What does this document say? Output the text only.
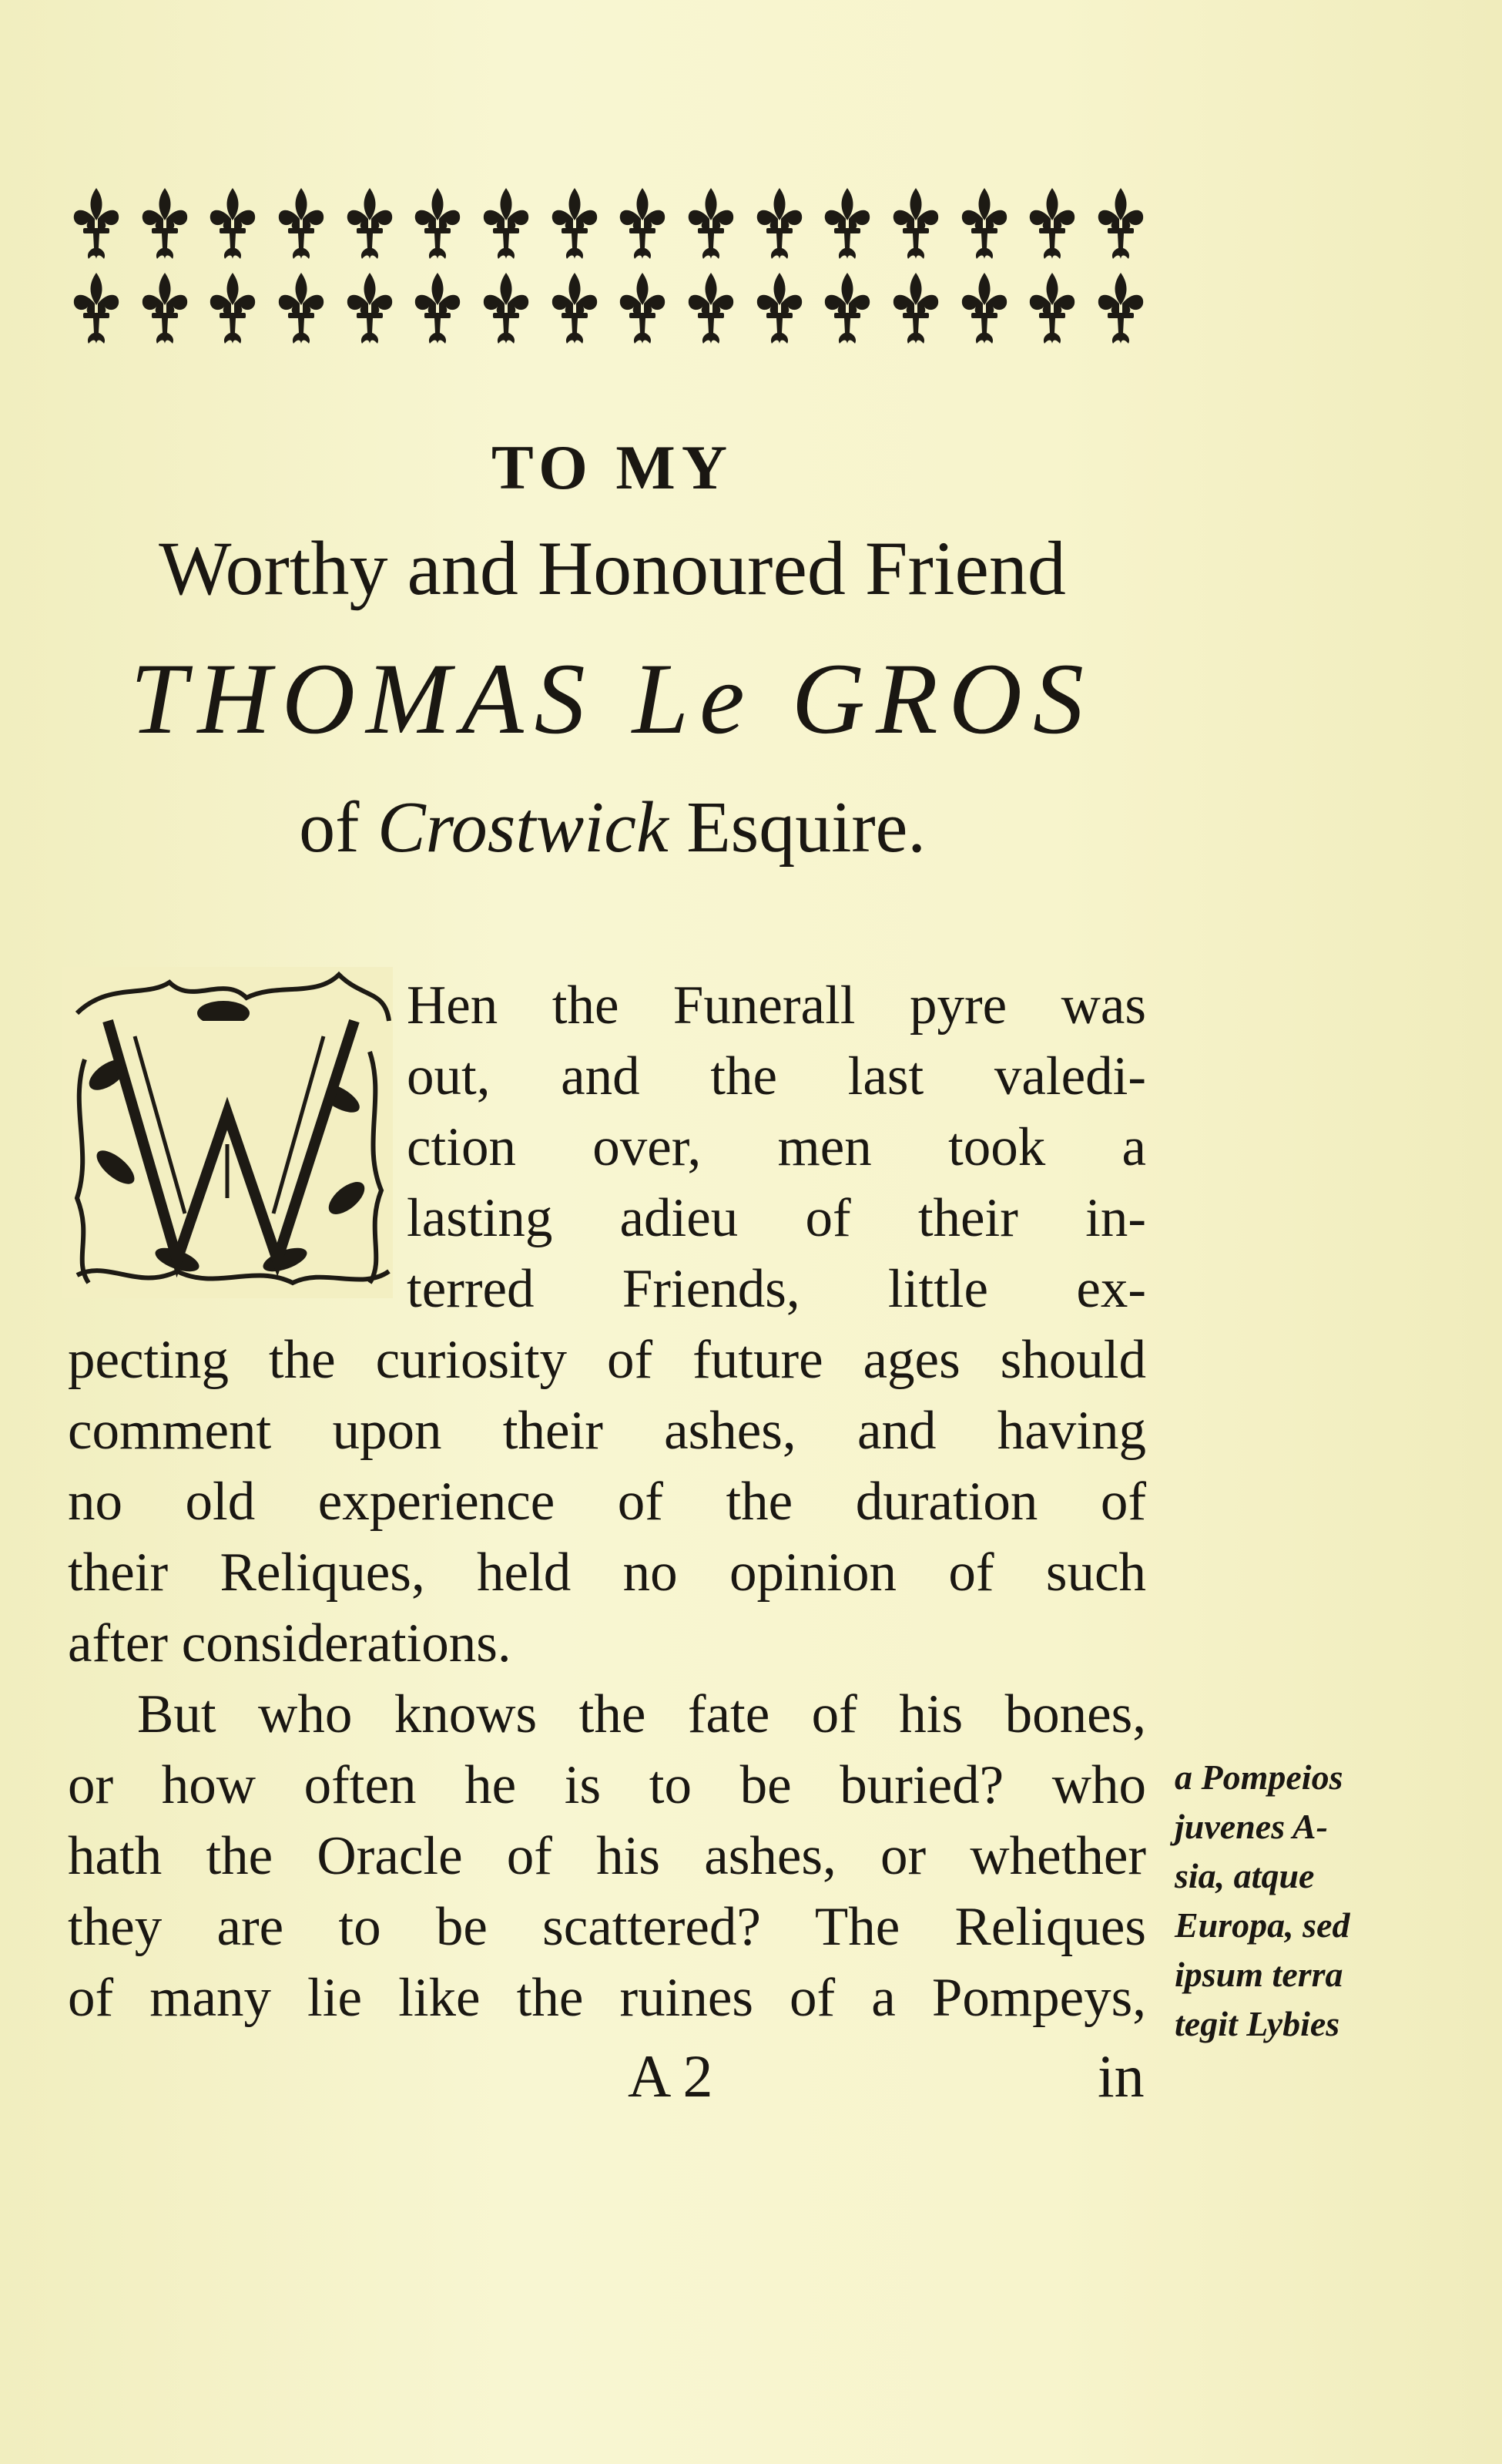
TO MY
Worthy and Honoured Friend
THOMAS Le GROS
of Crostwick Esquire.
Hen the Funerall pyre was
out, and the last valedi-
ction over, men took a
lasting adieu of their in-
terred Friends, little ex-
pecting the curiosity of future ages should
comment upon their ashes, and having
no old experience of the duration of
their Reliques, held no opinion of such
after considerations.
But who knows the fate of his bones,
or how often he is to be buried? who
hath the Oracle of his ashes, or whether
they are to be scattered? The Reliques
of many lie like the ruines of a Pompeys,
a Pompeios
juvenes A-
sia, atque
Europa, sed
ipsum terra
tegit Lybies
A 2	in
